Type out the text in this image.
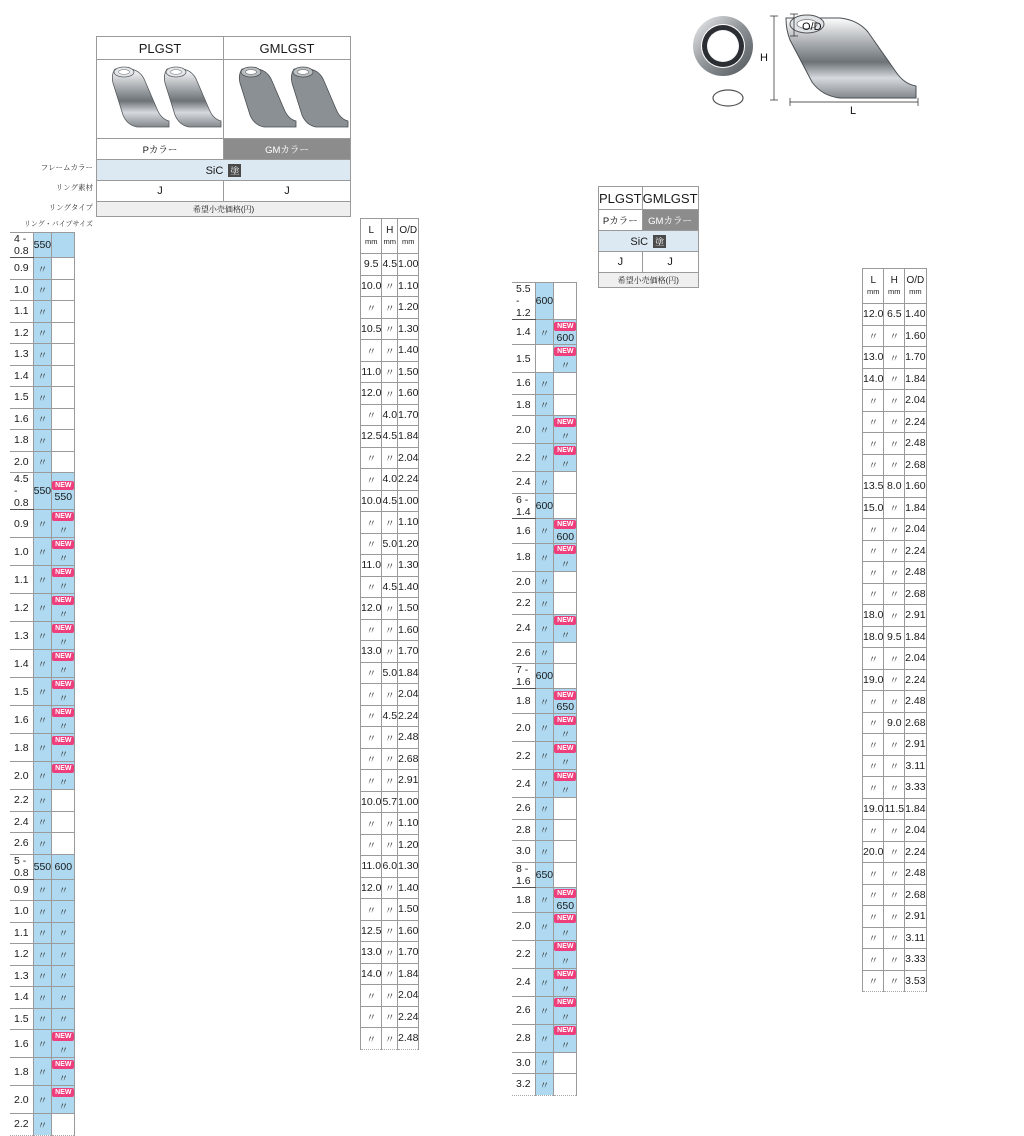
H
O/D
L
フレームカラー
リング素材
リングタイプ
リング・パイプサイズ
PLGST	GMLGST

Pカラー	GMカラー
SiC 塗	
J	J
希望小売価格(円)	
4 - 0.8	550	

0.9	〃	

1.0	〃	

1.1	〃	

1.2	〃	

1.3	〃	

1.4	〃	

1.5	〃	

1.6	〃	

1.8	〃	

2.0	〃	

4.5 - 0.8	550	NEW 550

0.9	〃	NEW 〃

1.0	〃	NEW 〃

1.1	〃	NEW 〃

1.2	〃	NEW 〃

1.3	〃	NEW 〃

1.4	〃	NEW 〃

1.5	〃	NEW 〃

1.6	〃	NEW 〃

1.8	〃	NEW 〃

2.0	〃	NEW 〃

2.2	〃	

2.4	〃	

2.6	〃	

5 - 0.8	550	600

0.9	〃	〃

1.0	〃	〃

1.1	〃	〃

1.2	〃	〃

1.3	〃	〃

1.4	〃	〃

1.5	〃	〃

1.6	〃	NEW 〃

1.8	〃	NEW 〃

2.0	〃	NEW 〃

2.2	〃	
L
mm

H
mm

O/D
mm

9.5	4.5	1.00
10.0	〃	1.10
〃	〃	1.20
10.5	〃	1.30
〃	〃	1.40
11.0	〃	1.50
12.0	〃	1.60
〃	4.0	1.70
12.5	4.5	1.84
〃	〃	2.04
〃	4.0	2.24
10.0	4.5	1.00
〃	〃	1.10
〃	5.0	1.20
11.0	〃	1.30
〃	4.5	1.40
12.0	〃	1.50
〃	〃	1.60
13.0	〃	1.70
〃	5.0	1.84
〃	〃	2.04
〃	4.5	2.24
〃	〃	2.48
〃	〃	2.68
〃	〃	2.91
10.0	5.7	1.00
〃	〃	1.10
〃	〃	1.20
11.0	6.0	1.30
12.0	〃	1.40
〃	〃	1.50
12.5	〃	1.60
13.0	〃	1.70
14.0	〃	1.84
〃	〃	2.04
〃	〃	2.24
〃	〃	2.48
PLGST	GMLGST
Pカラー	GMカラー
SiC 塗	
J	J
希望小売価格(円)	
5.5 - 1.2	600	

1.4	〃	NEW 600

1.5		NEW 〃

1.6	〃	

1.8	〃	

2.0	〃	NEW 〃

2.2	〃	NEW 〃

2.4	〃	

6 - 1.4	600	

1.6	〃	NEW 600

1.8	〃	NEW 〃

2.0	〃	

2.2	〃	

2.4	〃	NEW 〃

2.6	〃	

7 - 1.6	600	

1.8	〃	NEW 650

2.0	〃	NEW 〃

2.2	〃	NEW 〃

2.4	〃	NEW 〃

2.6	〃	

2.8	〃	

3.0	〃	

8 - 1.6	650	

1.8	〃	NEW 650

2.0	〃	NEW 〃

2.2	〃	NEW 〃

2.4	〃	NEW 〃

2.6	〃	NEW 〃

2.8	〃	NEW 〃

3.0	〃	

3.2	〃	
L
mm

H
mm

O/D
mm

12.0	6.5	1.40
〃	〃	1.60
13.0	〃	1.70
14.0	〃	1.84
〃	〃	2.04
〃	〃	2.24
〃	〃	2.48
〃	〃	2.68
13.5	8.0	1.60
15.0	〃	1.84
〃	〃	2.04
〃	〃	2.24
〃	〃	2.48
〃	〃	2.68
18.0	〃	2.91
18.0	9.5	1.84
〃	〃	2.04
19.0	〃	2.24
〃	〃	2.48
〃	9.0	2.68
〃	〃	2.91
〃	〃	3.11
〃	〃	3.33
19.0	11.5	1.84
〃	〃	2.04
20.0	〃	2.24
〃	〃	2.48
〃	〃	2.68
〃	〃	2.91
〃	〃	3.11
〃	〃	3.33
〃	〃	3.53
